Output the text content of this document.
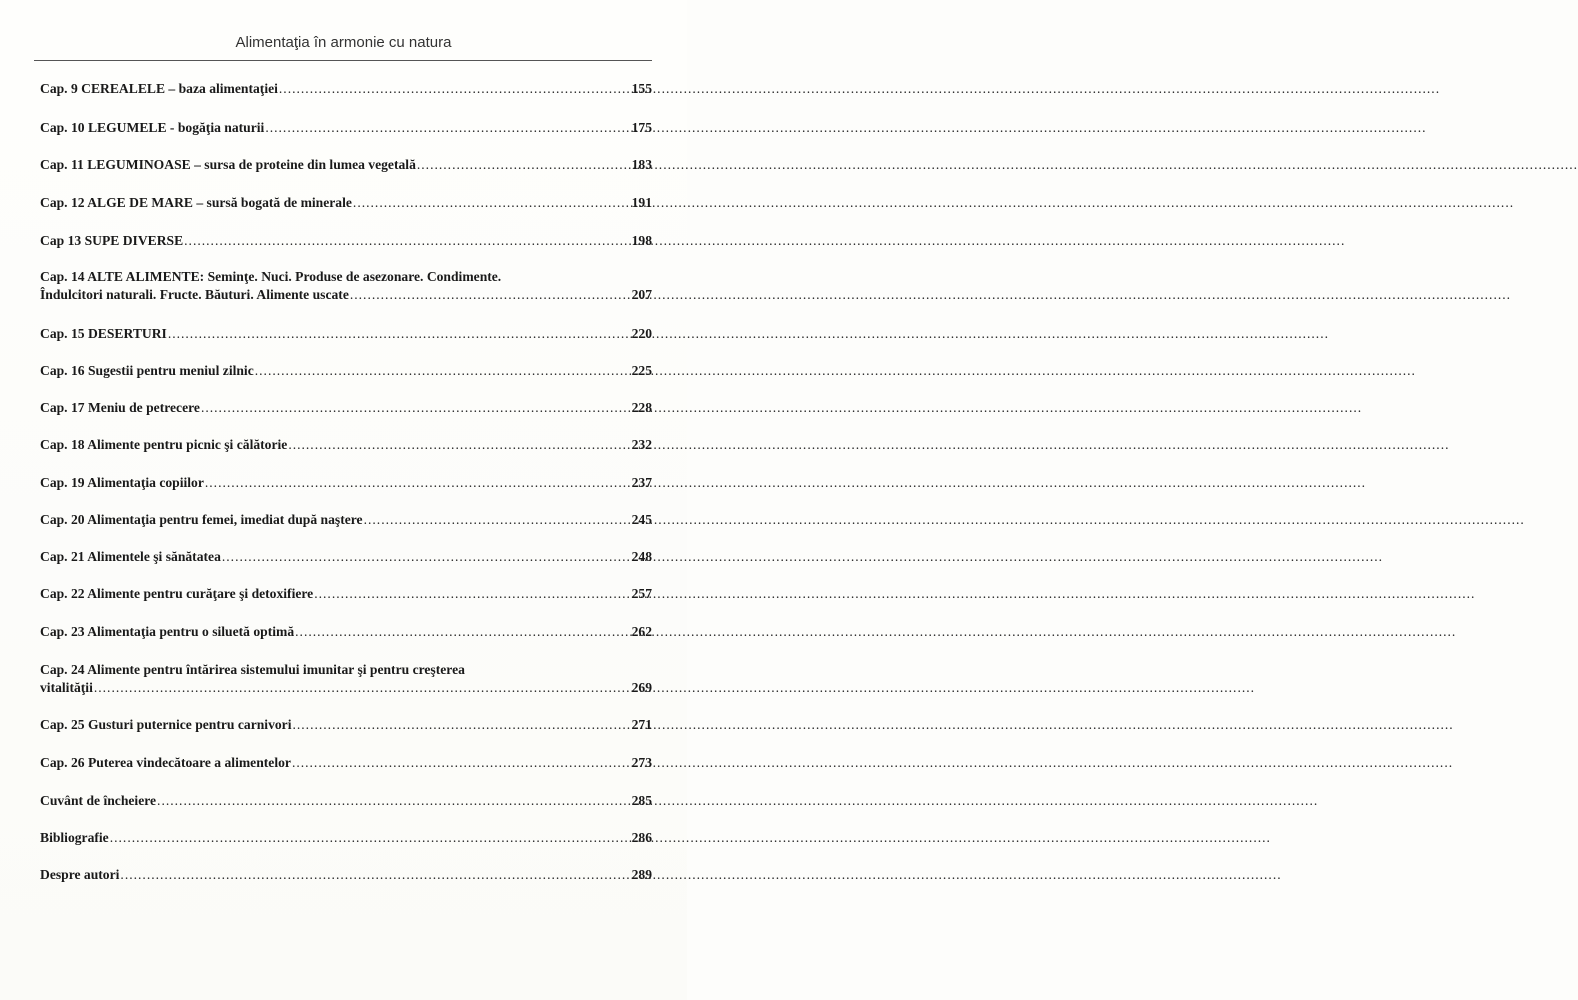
Alimentaţia în armonie cu natura
Cap. 9 CEREALELE – baza alimentaţiei .....	155
Cap. 10 LEGUMELE - bogăţia naturii .....	175
Cap. 11 LEGUMINOASE – sursa de proteine din lumea vegetală .....	183
Cap. 12 ALGE DE MARE – sursă bogată de minerale .....	191
Cap 13 SUPE DIVERSE .....	198
Cap. 14 ALTE ALIMENTE: Seminţe. Nuci. Produse de asezonare. Condimente.
Îndulcitori naturali. Fructe. Băuturi. Alimente uscate .....	207
Cap. 15 DESERTURI .....	220
Cap. 16 Sugestii pentru meniul zilnic .....	225
Cap. 17 Meniu de petrecere .....	228
Cap. 18 Alimente pentru picnic şi călătorie .....	232
Cap. 19 Alimentaţia copiilor .....	237
Cap. 20 Alimentaţia pentru femei, imediat după naştere .....	245
Cap. 21 Alimentele şi sănătatea .....	248
Cap. 22 Alimente pentru curăţare şi detoxifiere .....	257
Cap. 23 Alimentaţia pentru o siluetă optimă .....	262
Cap. 24 Alimente pentru întărirea sistemului imunitar şi pentru creşterea
vitalităţii .....	269
Cap. 25 Gusturi puternice pentru carnivori .....	271
Cap. 26 Puterea vindecătoare a alimentelor .....	273
Cuvânt de încheiere .....	285
Bibliografie .....	286
Despre autori .....	289
